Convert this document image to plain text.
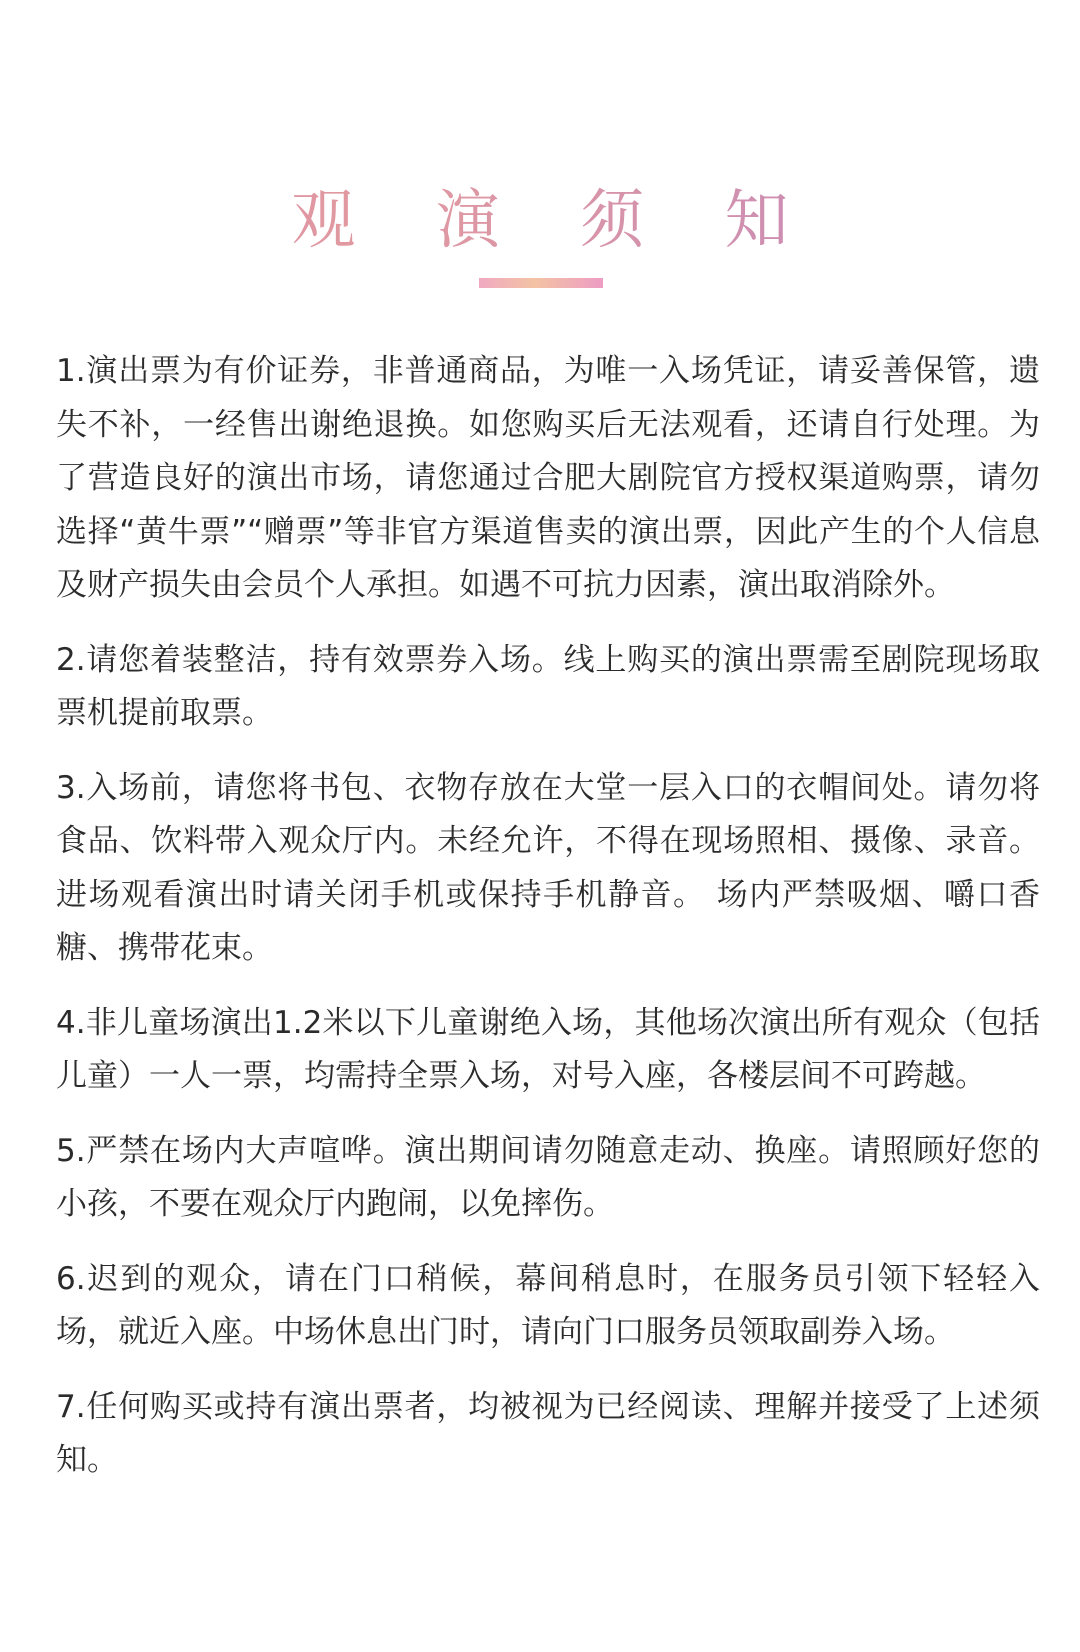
观 演 须 知
1.演出票为有价证券，非普通商品，为唯一入场凭证，请妥善保管，遗失不补，一经售出谢绝退换。如您购买后无法观看，还请自行处理。为了营造良好的演出市场，请您通过合肥大剧院官方授权渠道购票，请勿选择“黄牛票”“赠票”等非官方渠道售卖的演出票，因此产生的个人信息及财产损失由会员个人承担。如遇不可抗力因素，演出取消除外。
2.请您着装整洁，持有效票券入场。线上购买的演出票需至剧院现场取票机提前取票。
3.入场前，请您将书包、衣物存放在大堂一层入口的衣帽间处。请勿将食品、饮料带入观众厅内。未经允许，不得在现场照相、摄像、录音。进场观看演出时请关闭手机或保持手机静音。 场内严禁吸烟、嚼口香糖、携带花束。
4.非儿童场演出1.2米以下儿童谢绝入场，其他场次演出所有观众（包括儿童）一人一票，均需持全票入场，对号入座，各楼层间不可跨越。
5.严禁在场内大声喧哗。演出期间请勿随意走动、换座。请照顾好您的小孩，不要在观众厅内跑闹，以免摔伤。
6.迟到的观众，请在门口稍候，幕间稍息时，在服务员引领下轻轻入场，就近入座。中场休息出门时，请向门口服务员领取副券入场。
7.任何购买或持有演出票者，均被视为已经阅读、理解并接受了上述须知。
